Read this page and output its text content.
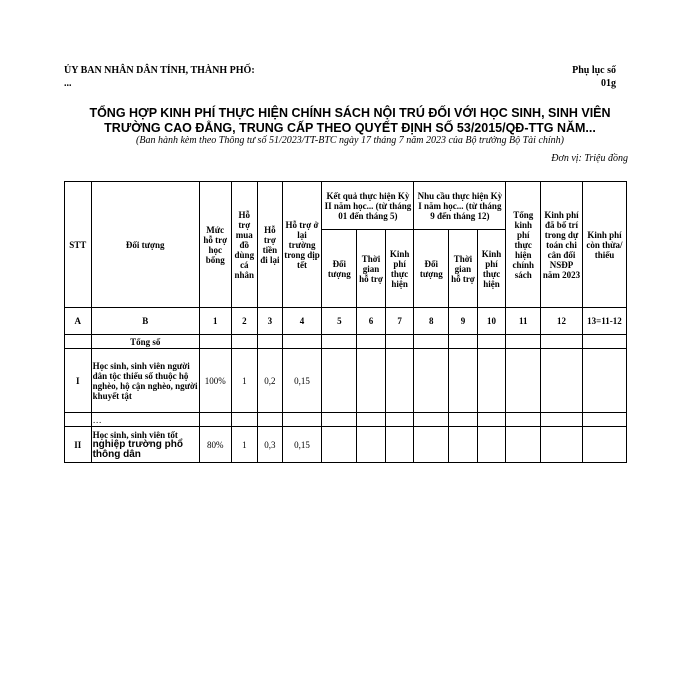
ỦY BAN NHÂN DÂN TỈNH, THÀNH PHỐ:
...
Phụ lục số
01g
TỔNG HỢP KINH PHÍ THỰC HIỆN CHÍNH SÁCH NỘI TRÚ ĐỐI VỚI HỌC SINH, SINH VIÊN
TRƯỜNG CAO ĐẲNG, TRUNG CẤP THEO QUYẾT ĐỊNH SỐ 53/2015/QĐ-TTG NĂM...
(Ban hành kèm theo Thông tư số 51/2023/TT-BTC ngày 17 tháng 7 năm 2023 của Bộ trưởng Bộ Tài chính)
Đơn vị: Triệu đồng
STT	Đối tượng	Mức hỗ trợ học bổng	Hỗ trợ mua đồ dùng cá nhân	Hỗ trợ tiền đi lại	Hỗ trợ ở lại trường trong dịp tết	Kết quả thực hiện Kỳ II năm học... (từ tháng 01 đến tháng 5)			Nhu cầu thực hiện Kỳ I năm học... (từ tháng 9 đến tháng 12)			Tổng kinh phí thực hiện chính sách	Kinh phí đã bố trí trong dự toán chi cân đối NSĐP năm 2023	Kinh phí còn thừa/ thiếu
						Đối tượng	Thời gian hỗ trợ	Kinh phí thực hiện	Đối tượng	Thời gian hỗ trợ	Kinh phí thực hiện			
A	B	1	2	3	4	5	6	7	8	9	10	11	12	13=11-12
	Tổng số													
I	Học sinh, sinh viên người dân tộc thiểu số thuộc hộ nghèo, hộ cận nghèo, người khuyết tật	100%	1	0,2	0,15									
	…													
II	Học sinh, sinh viên tốt
nghiệp trường phổ thông dân	80%	1	0,3	0,15									
